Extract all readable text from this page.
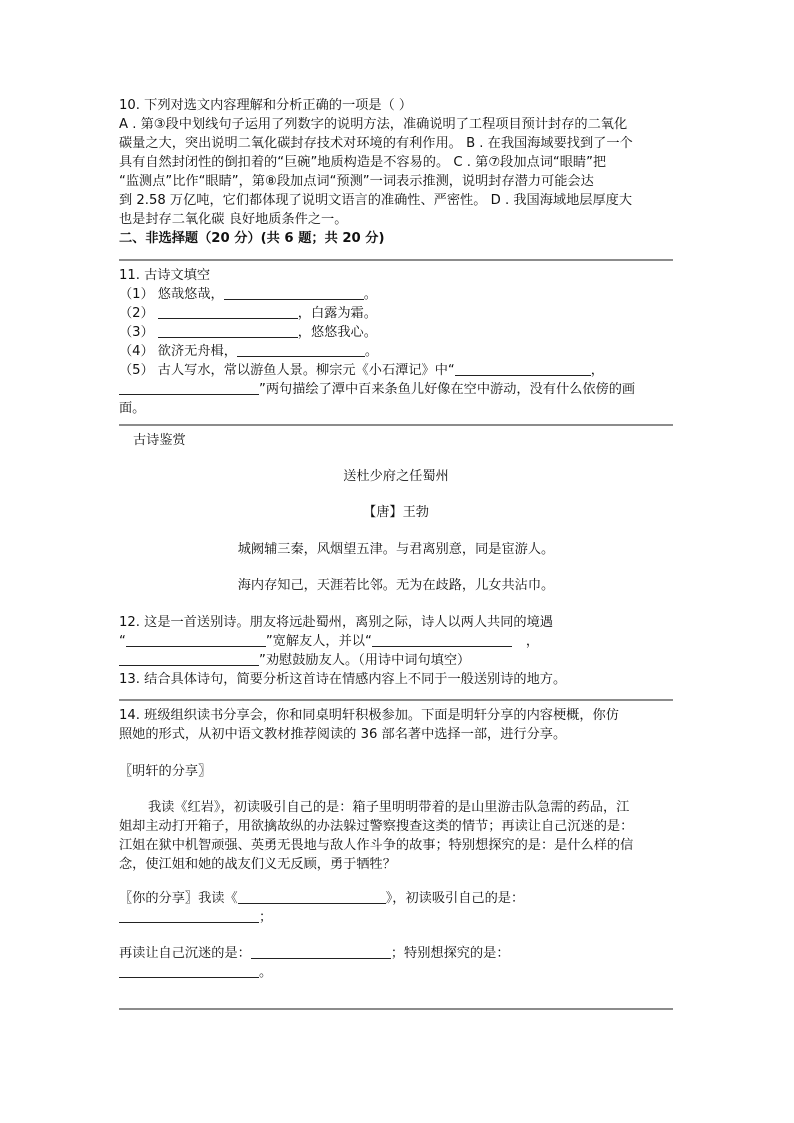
10. 下列对选文内容理解和分析正确的一项是（ ）
A . 第③段中划线句子运用了列数字的说明方法，准确说明了工程项目预计封存的二氧化
碳量之大，突出说明二氧化碳封存技术对环境的有利作用。 B . 在我国海域要找到了一个
具有自然封闭性的倒扣着的“巨碗”地质构造是不容易的。 C . 第⑦段加点词“眼睛”把
“监测点”比作“眼睛”，第⑧段加点词“预测”一词表示推测，说明封存潜力可能会达
到 2.58 万亿吨，它们都体现了说明文语言的准确性、严密性。 D . 我国海域地层厚度大
也是封存二氧化碳 良好地质条件之一。
二、非选择题（20 分）(共 6 题；共 20 分)
11. 古诗文填空
（1） 悠哉悠哉，	。
（2）	，白露为霜。
（3）	，悠悠我心。
（4） 欲济无舟楫，	。
（5） 古人写水，常以游鱼人景。柳宗元《小石潭记》中“	，
”两句描绘了潭中百来条鱼儿好像在空中游动，没有什么依傍的画
面。
古诗鉴赏
送杜少府之任蜀州
【唐】王勃
城阙辅三秦，风烟望五津。与君离别意，同是宦游人。
海内存知己，天涯若比邻。无为在歧路，儿女共沾巾。
12. 这是一首送别诗。朋友将远赴蜀州，离别之际，诗人以两人共同的境遇
“	”宽解友人，并以“	，
”劝慰鼓励友人。（用诗中词句填空）
13. 结合具体诗句，简要分析这首诗在情感内容上不同于一般送别诗的地方。
14. 班级组织读书分享会，你和同桌明轩积极参加。下面是明轩分享的内容梗概，你仿
照她的形式，从初中语文教材推荐阅读的 36 部名著中选择一部，进行分享。
〖明轩的分享〗
我读《红岩》，初读吸引自己的是：箱子里明明带着的是山里游击队急需的药品，江
姐却主动打开箱子，用欲擒故纵的办法躲过警察搜查这类的情节；再读让自己沉迷的是：
江姐在狱中机智顽强、英勇无畏地与敌人作斗争的故事；特别想探究的是：是什么样的信
念，使江姐和她的战友们义无反顾，勇于牺牲？
〖你的分享〗我读《	》，初读吸引自己的是：
；
再读让自己沉迷的是：	；特别想探究的是：
。
